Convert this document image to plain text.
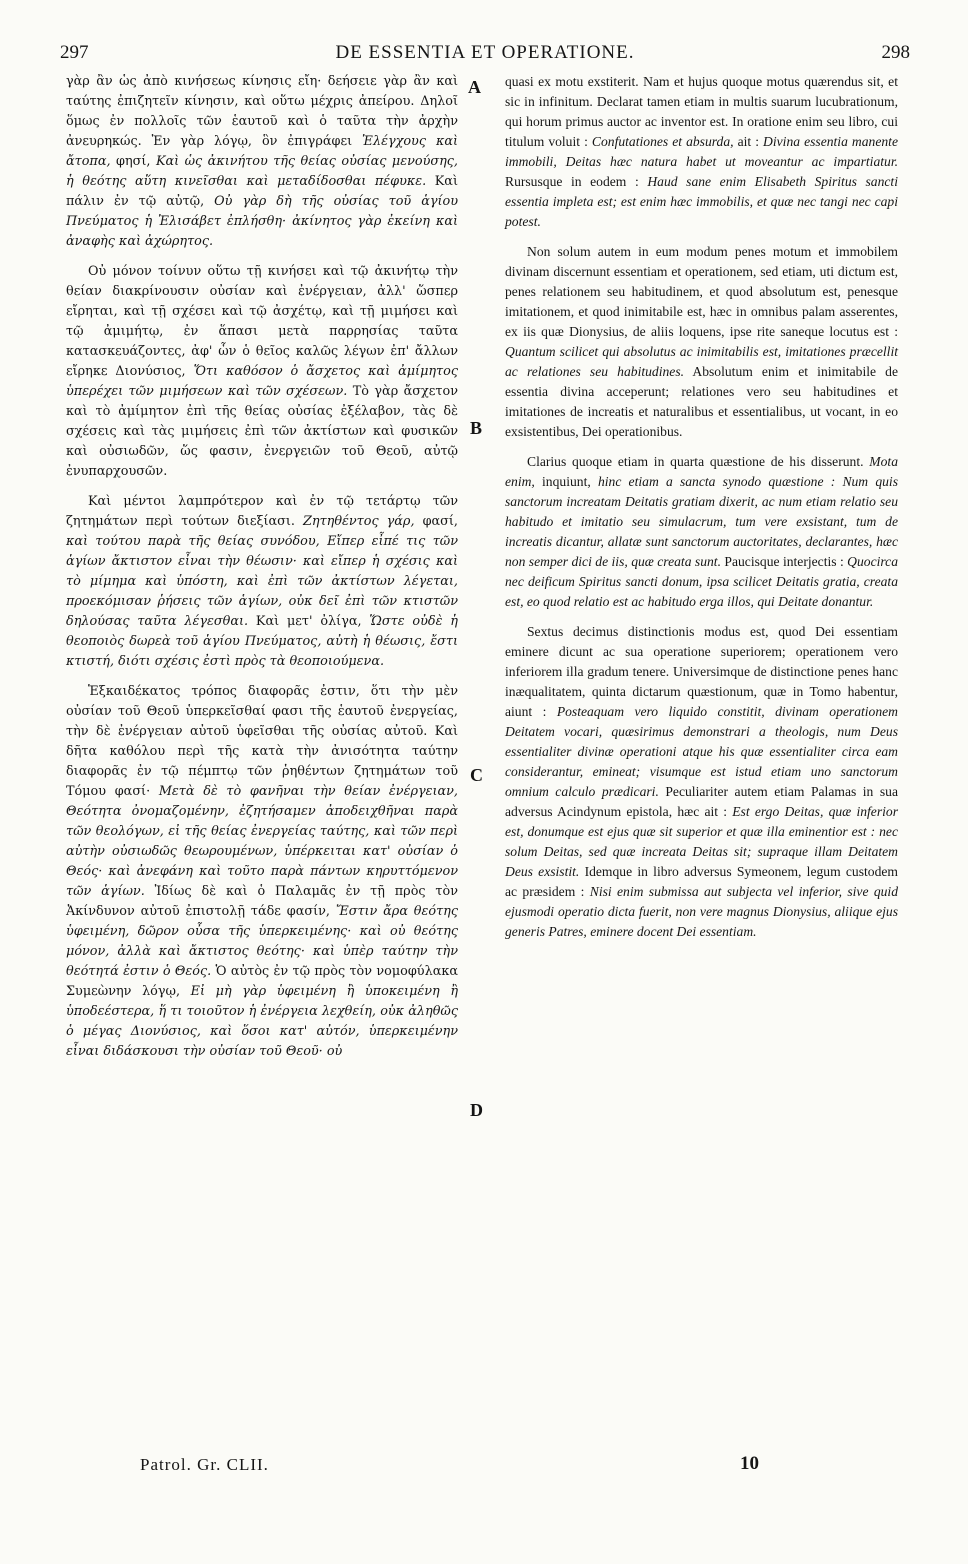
297	DE ESSENTIA ET OPERATIONE.	298
A
B
C
D

γὰρ ἂν ὡς ἀπὸ κινήσεως κίνησις εἴη· δεήσειε γὰρ ἂν καὶ ταύτης ἐπιζητεῖν κίνησιν, καὶ οὕτω μέχρις ἀπείρου. Δηλοῖ ὅμως ἐν πολλοῖς τῶν ἑαυτοῦ καὶ ὁ ταῦτα τὴν ἀρχὴν ἀνευρηκώς. Ἐν γὰρ λόγῳ, ὃν ἐπιγράφει Ἐλέγχους καὶ ἄτοπα, φησί, Καὶ ὡς ἀκινήτου τῆς θείας οὐσίας μενούσης, ἡ θεότης αὕτη κινεῖσθαι καὶ μεταδίδοσθαι πέφυκε. Καὶ πάλιν ἐν τῷ αὐτῷ, Οὐ γὰρ δὴ τῆς οὐσίας τοῦ ἁγίου Πνεύματος ἡ Ἐλισάβετ ἐπλήσθη· ἀκίνητος γὰρ ἐκείνη καὶ ἀναφὴς καὶ ἀχώρητος.

Οὐ μόνον τοίνυν οὕτω τῇ κινήσει καὶ τῷ ἀκινήτῳ τὴν θείαν διακρίνουσιν οὐσίαν καὶ ἐνέργειαν, ἀλλ' ὥσπερ εἴρηται, καὶ τῇ σχέσει καὶ τῷ ἀσχέτῳ, καὶ τῇ μιμήσει καὶ τῷ ἀμιμήτῳ, ἐν ἅπασι μετὰ παρρησίας ταῦτα κατασκευάζοντες, ἀφ' ὧν ὁ θεῖος καλῶς λέγων ἐπ' ἄλλων εἴρηκε Διονύσιος, Ὅτι καθόσον ὁ ἄσχετος καὶ ἀμίμητος ὑπερέχει τῶν μιμήσεων καὶ τῶν σχέσεων. Τὸ γὰρ ἄσχετον καὶ τὸ ἀμίμητον ἐπὶ τῆς θείας οὐσίας ἐξέλαβον, τὰς δὲ σχέσεις καὶ τὰς μιμήσεις ἐπὶ τῶν ἀκτίστων καὶ φυσικῶν καὶ οὐσιωδῶν, ὥς φασιν, ἐνεργειῶν τοῦ Θεοῦ, αὐτῷ ἐνυπαρχουσῶν.

Καὶ μέντοι λαμπρότερον καὶ ἐν τῷ τετάρτῳ τῶν ζητημάτων περὶ τούτων διεξίασι. Ζητηθέντος γάρ, φασί, καὶ τούτου παρὰ τῆς θείας συνόδου, Εἴπερ εἶπέ τις τῶν ἁγίων ἄκτιστον εἶναι τὴν θέωσιν· καὶ εἴπερ ἡ σχέσις καὶ τὸ μίμημα καὶ ὑπόστη, καὶ ἐπὶ τῶν ἀκτίστων λέγεται, προεκόμισαν ῥήσεις τῶν ἁγίων, οὐκ δεῖ ἐπὶ τῶν κτιστῶν δηλούσας ταῦτα λέγεσθαι. Καὶ μετ' ὀλίγα, Ὥστε οὐδὲ ἡ θεοποιὸς δωρεὰ τοῦ ἁγίου Πνεύματος, αὐτὴ ἡ θέωσις, ἔστι κτιστή, διότι σχέσις ἐστὶ πρὸς τὰ θεοποιούμενα.

Ἑξκαιδέκατος τρόπος διαφορᾶς ἐστιν, ὅτι τὴν μὲν οὐσίαν τοῦ Θεοῦ ὑπερκεῖσθαί φασι τῆς ἑαυτοῦ ἐνεργείας, τὴν δὲ ἐνέργειαν αὐτοῦ ὑφεῖσθαι τῆς οὐσίας αὐτοῦ. Καὶ δῆτα καθόλου περὶ τῆς κατὰ τὴν ἀνισότητα ταύτην διαφορᾶς ἐν τῷ πέμπτῳ τῶν ῥηθέντων ζητημάτων τοῦ Τόμου φασί· Μετὰ δὲ τὸ φανῆναι τὴν θείαν ἐνέργειαν, Θεότητα ὀνομαζομένην, ἐζητήσαμεν ἀποδειχθῆναι παρὰ τῶν θεολόγων, εἰ τῆς θείας ἐνεργείας ταύτης, καὶ τῶν περὶ αὐτὴν οὐσιωδῶς θεωρουμένων, ὑπέρκειται κατ' οὐσίαν ὁ Θεός· καὶ ἀνεφάνη καὶ τοῦτο παρὰ πάντων κηρυττόμενον τῶν ἁγίων. Ἰδίως δὲ καὶ ὁ Παλαμᾶς ἐν τῇ πρὸς τὸν Ἀκίνδυνον αὐτοῦ ἐπιστολῇ τάδε φασίν, Ἔστιν ἄρα θεότης ὑφειμένη, δῶρον οὖσα τῆς ὑπερκειμένης· καὶ οὐ θεότης μόνον, ἀλλὰ καὶ ἄκτιστος θεότης· καὶ ὑπὲρ ταύτην τὴν θεότητά ἐστιν ὁ Θεός. Ὁ αὐτὸς ἐν τῷ πρὸς τὸν νομοφύλακα Συμεὼνην λόγῳ, Εἰ μὴ γὰρ ὑφειμένη ἢ ὑποκειμένη ἢ ὑποδεέστερα, ἥ τι τοιοῦτον ἡ ἐνέργεια λεχθείη, οὐκ ἀληθῶς ὁ μέγας Διονύσιος, καὶ ὅσοι κατ' αὐτόν, ὑπερκειμένην εἶναι διδάσκουσι τὴν οὐσίαν τοῦ Θεοῦ· οὐ

quasi ex motu exstiterit. Nam et hujus quoque motus quærendus sit, et sic in infinitum. Declarat tamen etiam in multis suarum lucubrationum, qui horum primus auctor ac inventor est. In oratione enim seu libro, cui titulum voluit : Confutationes et absurda, ait : Divina essentia manente immobili, Deitas hæc natura habet ut moveantur ac impartiatur. Rursusque in eodem : Haud sane enim Elisabeth Spiritus sancti essentia impleta est; est enim hæc immobilis, et quæ nec tangi nec capi potest.

Non solum autem in eum modum penes motum et immobilem divinam discernunt essentiam et operationem, sed etiam, uti dictum est, penes relationem seu habitudinem, et quod absolutum est, penesque imitationem, et quod inimitabile est, hæc in omnibus palam asserentes, ex iis quæ Dionysius, de aliis loquens, ipse rite saneque locutus est : Quantum scilicet qui absolutus ac inimitabilis est, imitationes præcellit ac relationes seu habitudines. Absolutum enim et inimitabile de essentia divina acceperunt; relationes vero seu habitudines et imitationes de increatis et naturalibus et essentialibus, ut vocant, in eo exsistentibus, Dei operationibus.

Clarius quoque etiam in quarta quæstione de his disserunt. Mota enim, inquiunt, hinc etiam a sancta synodo quæstione : Num quis sanctorum increatam Deitatis gratiam dixerit, ac num etiam relatio seu habitudo et imitatio seu simulacrum, tum vere exsistant, tum de increatis dicantur, allatæ sunt sanctorum auctoritates, declarantes, hæc non semper dici de iis, quæ creata sunt. Paucisque interjectis : Quocirca nec deificum Spiritus sancti donum, ipsa scilicet Deitatis gratia, creata est, eo quod relatio est ac habitudo erga illos, qui Deitate donantur.

Sextus decimus distinctionis modus est, quod Dei essentiam eminere dicunt ac sua operatione superiorem; operationem vero inferiorem illa gradum tenere. Universimque de distinctione penes hanc inæqualitatem, quinta dictarum quæstionum, quæ in Tomo habentur, aiunt : Posteaquam vero liquido constitit, divinam operationem Deitatem vocari, quæsirimus demonstrari a theologis, num Deus essentialiter divinæ operationi atque his quæ essentialiter circa eam considerantur, emineat; visumque est istud etiam uno sanctorum omnium calculo prædicari. Peculiariter autem etiam Palamas in sua adversus Acindynum epistola, hæc ait : Est ergo Deitas, quæ inferior est, donumque est ejus quæ sit superior et quæ illa eminentior est : nec solum Deitas, sed quæ increata Deitas sit; supraque illam Deitatem Deus exsistit. Idemque in libro adversus Symeonem, legum custodem ac præsidem : Nisi enim submissa aut subjecta vel inferior, sive quid ejusmodi operatio dicta fuerit, non vere magnus Dionysius, aliique ejus generis Patres, eminere docent Dei essentiam.

Patrol. Gr. CLII.	10
